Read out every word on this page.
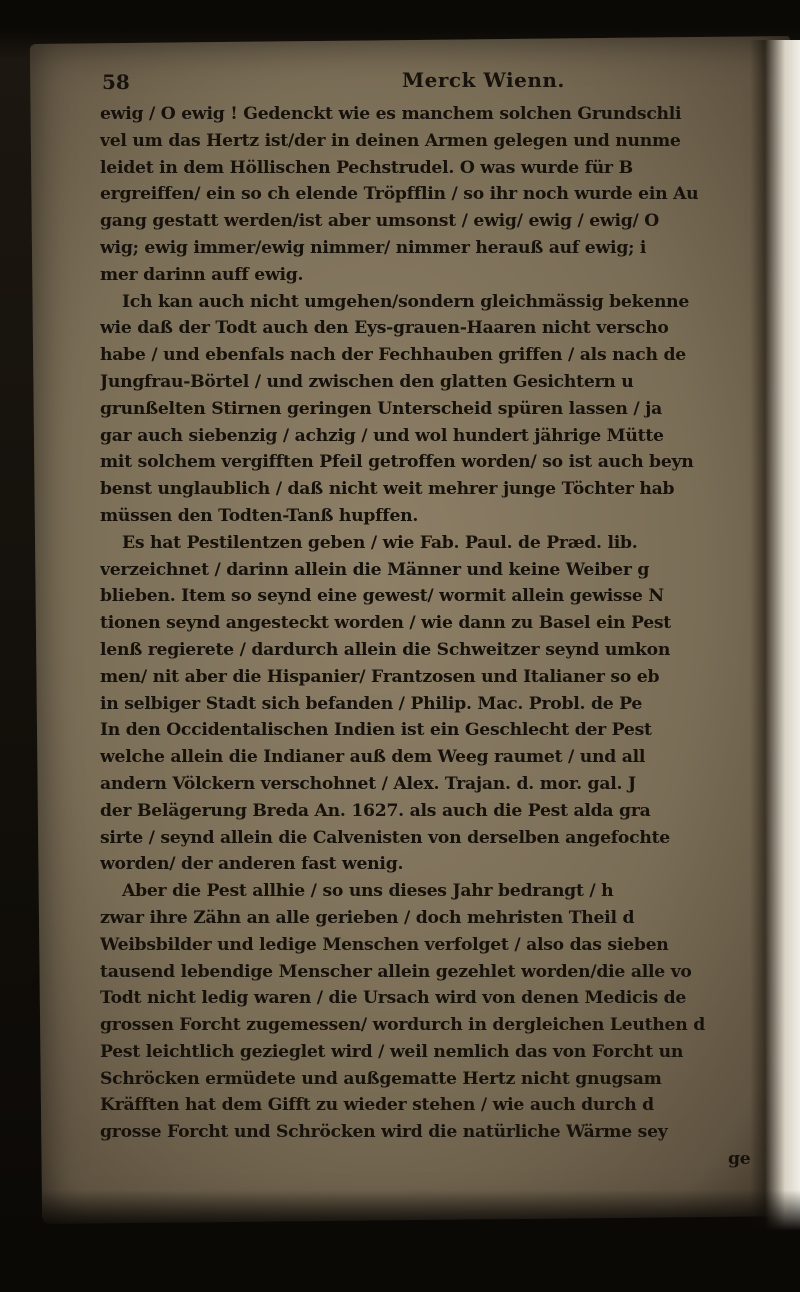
58	Merck Wienn.
ewig / O ewig ! Gedenckt wie es manchem solchen Grundschli
vel um das Hertz ist/der in deinen Armen gelegen und nunme
leidet in dem Höllischen Pechstrudel. O was wurde für B
ergreiffen/ ein so ch elende Tröpfflin / so ihr noch wurde ein Au
gang gestatt werden/ist aber umsonst / ewig/ ewig / ewig/ O
wig; ewig immer/ewig nimmer/ nimmer herauß auf ewig; i
mer darinn auff ewig.
Ich kan auch nicht umgehen/sondern gleichmässig bekenne
wie daß der Todt auch den Eys-grauen-Haaren nicht verscho
habe / und ebenfals nach der Fechhauben griffen / als nach de
Jungfrau-Börtel / und zwischen den glatten Gesichtern u
grunßelten Stirnen geringen Unterscheid spüren lassen / ja
gar auch siebenzig / achzig / und wol hundert jährige Mütte
mit solchem vergifften Pfeil getroffen worden/ so ist auch beyn
benst unglaublich / daß nicht weit mehrer junge Töchter hab
müssen den Todten-Tanß hupffen.
Es hat Pestilentzen geben / wie Fab. Paul. de Præd. lib.
verzeichnet / darinn allein die Männer und keine Weiber g
blieben. Item so seynd eine gewest/ wormit allein gewisse N
tionen seynd angesteckt worden / wie dann zu Basel ein Pest
lenß regierete / dardurch allein die Schweitzer seynd umkon
men/ nit aber die Hispanier/ Frantzosen und Italianer so eb
in selbiger Stadt sich befanden / Philip. Mac. Probl. de Pe
In den Occidentalischen Indien ist ein Geschlecht der Pest
welche allein die Indianer auß dem Weeg raumet / und all
andern Völckern verschohnet / Alex. Trajan. d. mor. gal. J
der Belägerung Breda An. 1627. als auch die Pest alda gra
sirte / seynd allein die Calvenisten von derselben angefochte
worden/ der anderen fast wenig.
Aber die Pest allhie / so uns dieses Jahr bedrangt / h
zwar ihre Zähn an alle gerieben / doch mehristen Theil d
Weibsbilder und ledige Menschen verfolget / also das sieben
tausend lebendige Menscher allein gezehlet worden/die alle vo
Todt nicht ledig waren / die Ursach wird von denen Medicis de
grossen Forcht zugemessen/ wordurch in dergleichen Leuthen d
Pest leichtlich gezieglet wird / weil nemlich das von Forcht un
Schröcken ermüdete und außgematte Hertz nicht gnugsam
Kräfften hat dem Gifft zu wieder stehen / wie auch durch d
grosse Forcht und Schröcken wird die natürliche Wärme sey
ge
